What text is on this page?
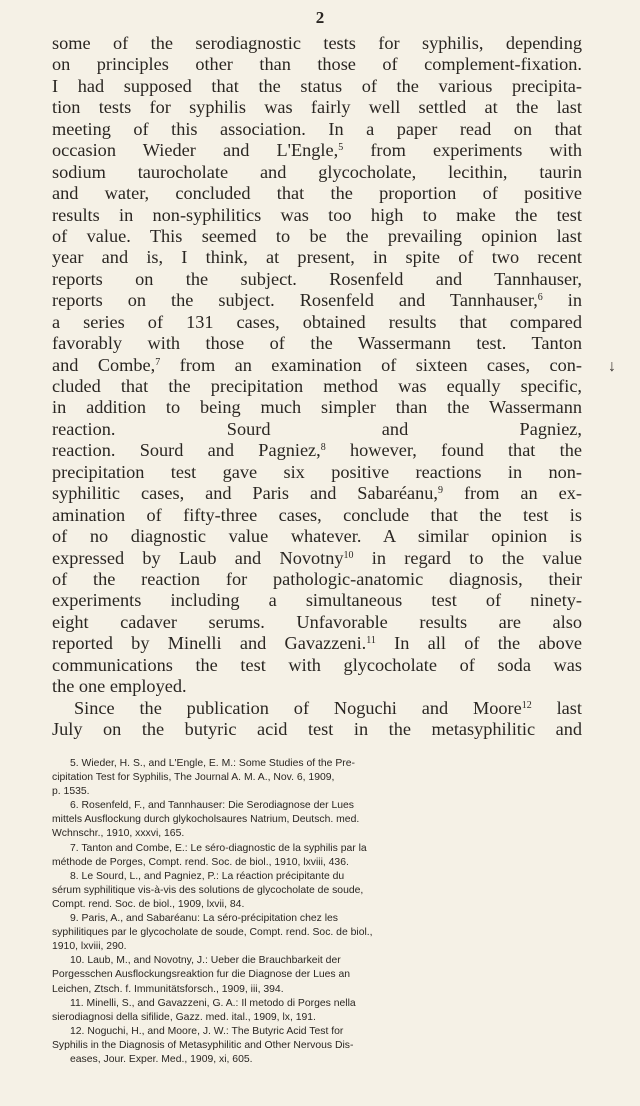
2
some of the serodiagnostic tests for syphilis, depending
on principles other than those of complement-fixation.
I had supposed that the status of the various precipita-
tion tests for syphilis was fairly well settled at the last
meeting of this association. In a paper read on that
occasion Wieder and L'Engle,$^5$ from experiments with
sodium taurocholate and glycocholate, lecithin, taurin
and water, concluded that the proportion of positive
results in non-syphilitics was too high to make the test
of value. This seemed to be the prevailing opinion last
year and is, I think, at present, in spite of two recent
reports on the subject. Rosenfeld and Tannhauser,
reports on the subject. Rosenfeld and Tannhauser,$^6$ in
a series of 131 cases, obtained results that compared
favorably with those of the Wassermann test. Tanton
and Combe,$^7$ from an examination of sixteen cases, con-
cluded that the precipitation method was equally specific,
in addition to being much simpler than the Wassermann
reaction. Sourd and Pagniez,
reaction. Sourd and Pagniez,$^8$ however, found that the
precipitation test gave six positive reactions in non-
syphilitic cases, and Paris and Sabaréanu,$^9$ from an ex-
amination of fifty-three cases, conclude that the test is
of no diagnostic value whatever. A similar opinion is
expressed by Laub and Novotny$^{10}$ in regard to the value
of the reaction for pathologic-anatomic diagnosis, their
experiments including a simultaneous test of ninety-
eight cadaver serums. Unfavorable results are also
reported by Minelli and Gavazzeni.$^{11}$ In all of the above
communications the test with glycocholate of soda was
the one employed.
Since the publication of Noguchi and Moore$^{12}$ last
July on the butyric acid test in the metasyphilitic and
↓
5. Wieder, H. S., and L'Engle, E. M.: Some Studies of the Pre-
cipitation Test for Syphilis, The Journal A. M. A., Nov. 6, 1909,
p. 1535.
6. Rosenfeld, F., and Tannhauser: Die Serodiagnose der Lues
mittels Ausflockung durch glykocholsaures Natrium, Deutsch. med.
Wchnschr., 1910, xxxvi, 165.
7. Tanton and Combe, E.: Le séro-diagnostic de la syphilis par la
méthode de Porges, Compt. rend. Soc. de biol., 1910, lxviii, 436.
8. Le Sourd, L., and Pagniez, P.: La réaction précipitante du
sérum syphilitique vis-à-vis des solutions de glycocholate de soude,
Compt. rend. Soc. de biol., 1909, lxvii, 84.
9. Paris, A., and Sabaréanu: La séro-précipitation chez les
syphilitiques par le glycocholate de soude, Compt. rend. Soc. de biol.,
1910, lxviii, 290.
10. Laub, M., and Novotny, J.: Ueber die Brauchbarkeit der
Porgesschen Ausflockungsreaktion fur die Diagnose der Lues an
Leichen, Ztsch. f. Immunitätsforsch., 1909, iii, 394.
11. Minelli, S., and Gavazzeni, G. A.: Il metodo di Porges nella
sierodiagnosi della sifilide, Gazz. med. ital., 1909, lx, 191.
12. Noguchi, H., and Moore, J. W.: The Butyric Acid Test for
Syphilis in the Diagnosis of Metasyphilitic and Other Nervous Dis-
eases, Jour. Exper. Med., 1909, xi, 605.
